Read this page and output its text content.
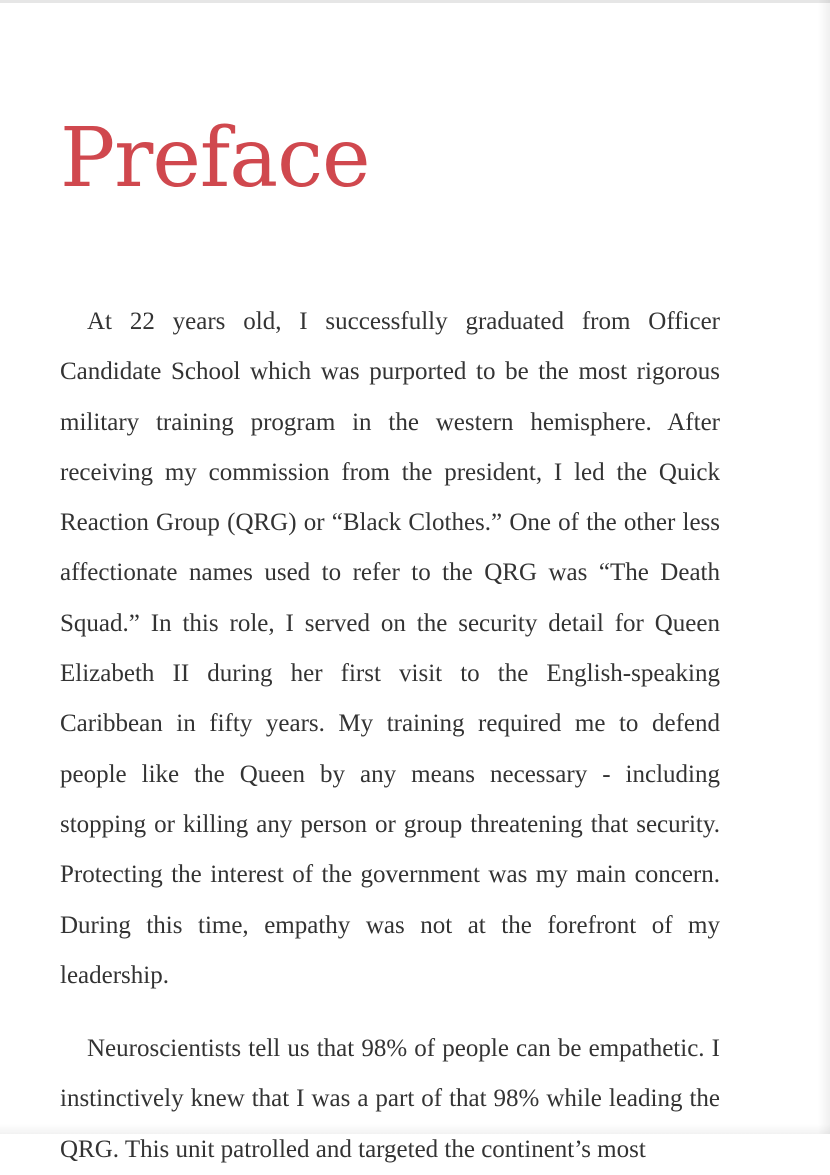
Preface

At 22 years old, I successfully graduated from Officer Candidate School which was purported to be the most rigorous military training program in the western hemisphere. After receiving my commission from the president, I led the Quick Reaction Group (QRG) or “Black Clothes.” One of the other less affectionate names used to refer to the QRG was “The Death Squad.” In this role, I served on the security detail for Queen Elizabeth II during her first visit to the English-speaking Caribbean in fifty years. My training required me to defend people like the Queen by any means necessary - including stopping or killing any person or group threatening that security. Protecting the interest of the government was my main concern. During this time, empathy was not at the forefront of my leadership.

Neuroscientists tell us that 98% of people can be empathetic. I instinctively knew that I was a part of that 98% while leading the QRG. This unit patrolled and targeted the continent’s most
